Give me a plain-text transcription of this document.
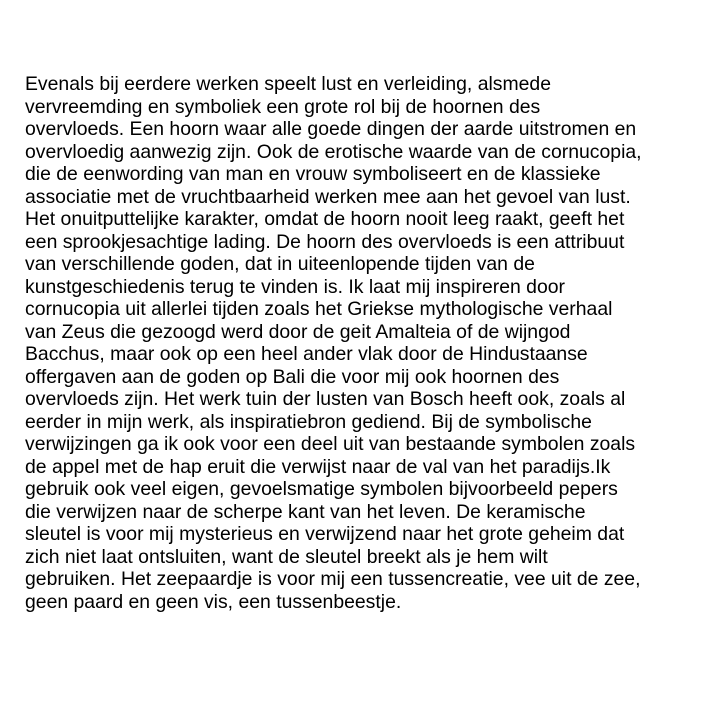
Evenals bij eerdere werken speelt lust en verleiding, alsmede
vervreemding en symboliek een grote rol bij de hoornen des
overvloeds. Een hoorn waar alle goede dingen der aarde uitstromen en
overvloedig aanwezig zijn. Ook de erotische waarde van de cornucopia,
die de eenwording van man en vrouw symboliseert en de klassieke
associatie met de vruchtbaarheid werken mee aan het gevoel van lust.
Het onuitputtelijke karakter, omdat de hoorn nooit leeg raakt, geeft het
een sprookjesachtige lading. De hoorn des overvloeds is een attribuut
van verschillende goden, dat in uiteenlopende tijden van de
kunstgeschiedenis terug te vinden is. Ik laat mij inspireren door
cornucopia uit allerlei tijden zoals het Griekse mythologische verhaal
van Zeus die gezoogd werd door de geit Amalteia of de wijngod
Bacchus, maar ook op een heel ander vlak door de Hindustaanse
offergaven aan de goden op Bali die voor mij ook hoornen des
overvloeds zijn. Het werk tuin der lusten van Bosch heeft ook, zoals al
eerder in mijn werk, als inspiratiebron gediend. Bij de symbolische
verwijzingen ga ik ook voor een deel uit van bestaande symbolen zoals
de appel met de hap eruit die verwijst naar de val van het paradijs.Ik
gebruik ook veel eigen, gevoelsmatige symbolen bijvoorbeeld pepers
die verwijzen naar de scherpe kant van het leven. De keramische
sleutel is voor mij mysterieus en verwijzend naar het grote geheim dat
zich niet laat ontsluiten, want de sleutel breekt als je hem wilt
gebruiken. Het zeepaardje is voor mij een tussencreatie, vee uit de zee,
geen paard en geen vis, een tussenbeestje.
